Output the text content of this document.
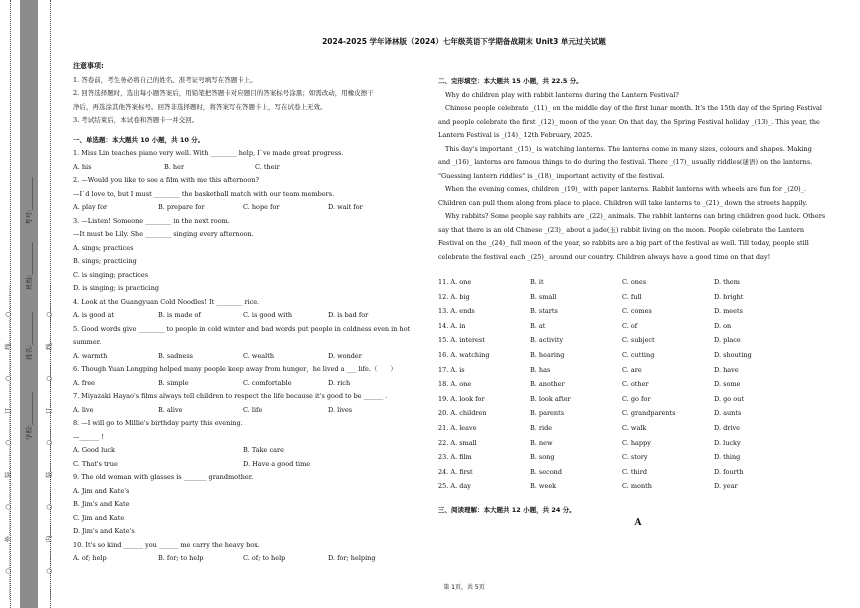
…………○…………外…………○…………装…………○…………订…………○…………线…………○…………	…………○…………内…………○…………装…………○…………订…………○…………线…………○…………
学校:__________
姓名:__________
班级:__________
考号:__________
2024-2025 学年译林版（2024）七年级英语下学期备战期末 Unit3 单元过关试题

注意事项:

1. 答卷前，考生务必将自己的姓名、准考证号填写在答题卡上。

2. 回答选择题时，选出每小题答案后，用铅笔把答题卡对应题目的答案标号涂黑；如需改动，用橡皮擦干

净后，再选涂其他答案标号。回答非选择题时，将答案写在答题卡上，写在试卷上无效。

3. 考试结束后，本试卷和答题卡一并交回。

一、单选题：本大题共 10 小题，共 10 分。

1. Miss Lin teaches piano very well. With ________ help, I`ve made great progress.

A. his	B. her	C. their

2. —Would you like to see a film with me this afternoon?

—I`d love to, but I must ________ the basketball match with our team members.

A. play for	B. prepare for	C. hope for	D. wait for

3. —Listen! Someone ________ in the next room.

—It must be Lily. She ________ singing every afternoon.

A. sings; practices

B. sings; practicing

C. is singing; practices

D. is singing; is practicing

4. Look at the Guangyuan Cold Noodles! It ________ rice.

A. is good at	B. is made of	C. is good with	D. is bad for

5. Good words give ________ to people in cold winter and bad words put people in coldness even in hot summer.

A. warmth	B. sadness	C. wealth	D. wonder

6. Though Yuan Longping helped many people keep away from hunger，he lived a ___ life.（　　）

A. free	B. simple	C. comfortable	D. rich

7. Miyazaki Hayao's films always tell children to respect the life because it's good to be ______ .

A. live	B. alive	C. life	D. lives

8. —I will go to Millie's birthday party this evening.

—______ !

A. Good luck	B. Take care
C. That's true	D. Have a good time

9. The old woman with glasses is _______ grandmother.

A. Jim and Kate's

B. Jim's and Kate

C. Jim and Kate

D. Jim's and Kate's

10. It's so kind ______ you ______ me carry the heavy box.

A. of; help	B. for; to help	C. of; to help	D. for; helping

二、完形填空：本大题共 15 小题，共 22.5 分。

Why do children play with rabbit lanterns during the Lantern Festival?

Chinese people celebrate _(11)_ on the middle day of the first lunar month. It's the 15th day of the Spring Festival

and people celebrate the first _(12)_ moon of the year. On that day, the Spring Festival holiday _(13)_. This year, the

Lantern Festival is _(14)_ 12th February, 2025.

This day's important _(15)_ is watching lanterns. The lanterns come in many sizes, colours and shapes. Making

and _(16)_ lanterns are famous things to do during the festival. There _(17)_ usually riddles(谜语) on the lanterns.

"Guessing lantern riddles" is _(18)_ important activity of the festival.

When the evening comes, children _(19)_ with paper lanterns. Rabbit lanterns with wheels are fun for _(20)_.

Children can pull them along from place to place. Children will take lanterns to _(21)_ down the streets happily.

Why rabbits? Some people say rabbits are _(22)_ animals. The rabbit lanterns can bring children good luck. Others

say that there is an old Chinese _(23)_ about a jade(玉) rabbit living on the moon. People celebrate the Lantern

Festival on the _(24)_ full moon of the year, so rabbits are a big part of the festival as well. Till today, people still

celebrate the festival each _(25)_ around our country. Children always have a good time on that day!

11. A. one	B. it	C. ones	D. them
12. A. big	B. small	C. full	D. bright
13. A. ends	B. starts	C. comes	D. meets
14. A. in	B. at	C. of	D. on
15. A. interest	B. activity	C. subject	D. place
16. A. watching	B. hearing	C. cutting	D. shouting
17. A. is	B. has	C. are	D. have
18. A. one	B. another	C. other	D. some
19. A. look for	B. look after	C. go for	D. go out
20. A. children	B. parents	C. grandparents	D. aunts
21. A. leave	B. ride	C. walk	D. drive
22. A. small	B. new	C. happy	D. lucky
23. A. film	B. song	C. story	D. thing
24. A. first	B. second	C. third	D. fourth
25. A. day	B. week	C. month	D. year

三、阅读理解：本大题共 12 小题，共 24 分。

A

第 1页，共 5页
